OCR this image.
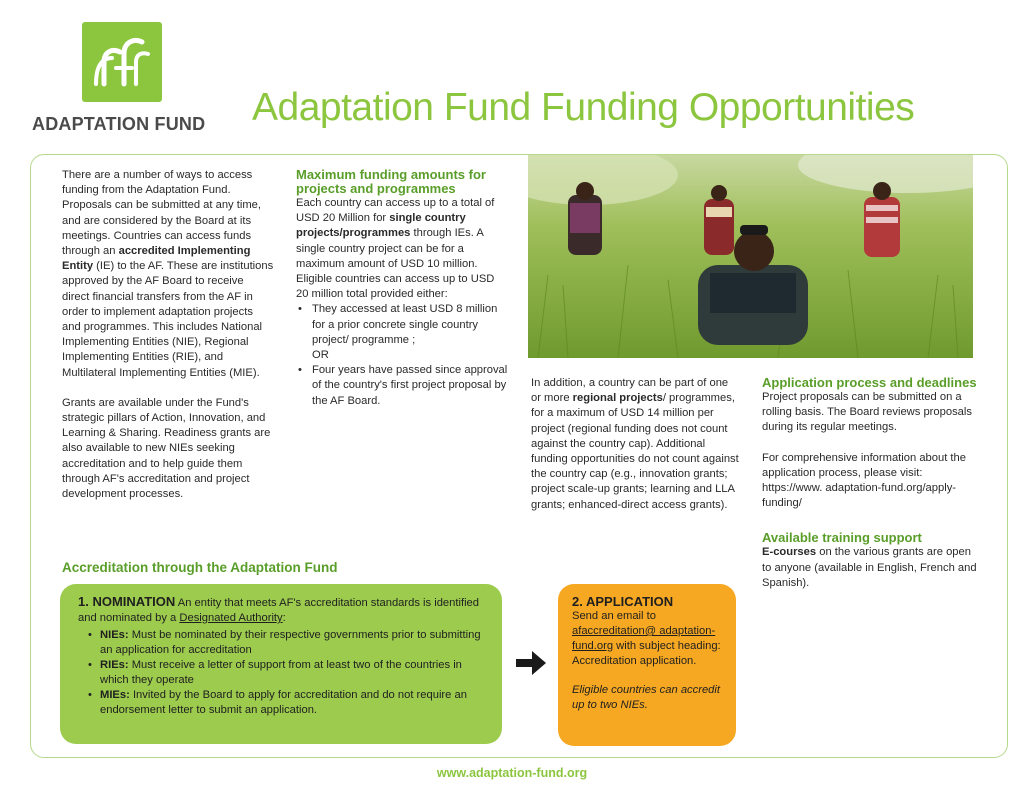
ADAPTATION FUND Adaptation Fund Funding Opportunities

There are a number of ways to access funding from the Adaptation Fund. Proposals can be submitted at any time, and are considered by the Board at its meetings. Countries can access funds through an accredited Implementing Entity (IE) to the AF. These are institutions approved by the AF Board to receive direct financial transfers from the AF in order to implement adaptation projects and programmes. This includes National Implementing Entities (NIE), Regional Implementing Entities (RIE), and Multilateral Implementing Entities (MIE).

Grants are available under the Fund's strategic pillars of Action, Innovation, and Learning & Sharing. Readiness grants are also available to new NIEs seeking accreditation and to help guide them through AF's accreditation and project development processes.

Maximum funding amounts for projects and programmes

Each country can access up to a total of USD 20 Million for single country projects/programmes through IEs. A single country project can be for a maximum amount of USD 10 million. Eligible countries can access up to USD 20 million total provided either:

• They accessed at least USD 8 million for a prior concrete single country project/ programme ;
OR
• Four years have passed since approval of the country's first project proposal by the AF Board.

In addition, a country can be part of one or more regional projects/ programmes, for a maximum of USD 14 million per project (regional funding does not count against the country cap). Additional funding opportunities do not count against the country cap (e.g., innovation grants; project scale-up grants; learning and LLA grants; enhanced-direct access grants).

Application process and deadlines

Project proposals can be submitted on a rolling basis. The Board reviews proposals during its regular meetings.

For comprehensive information about the application process, please visit: https://www. adaptation-fund.org/apply-funding/

Available training support

E-courses on the various grants are open to anyone (available in English, French and Spanish).

Accreditation through the Adaptation Fund
1. NOMINATION An entity that meets AF's accreditation standards is identified and nominated by a Designated Authority:
• NIEs: Must be nominated by their respective governments prior to submitting an application for accreditation
• RIEs: Must receive a letter of support from at least two of the countries in which they operate
• MIEs: Invited by the Board to apply for accreditation and do not require an endorsement letter to submit an application.
2. APPLICATION
Send an email to afaccreditation@ adaptation-fund.org with subject heading: Accreditation application.
Eligible countries can accredit up to two NIEs.
www.adaptation-fund.org
